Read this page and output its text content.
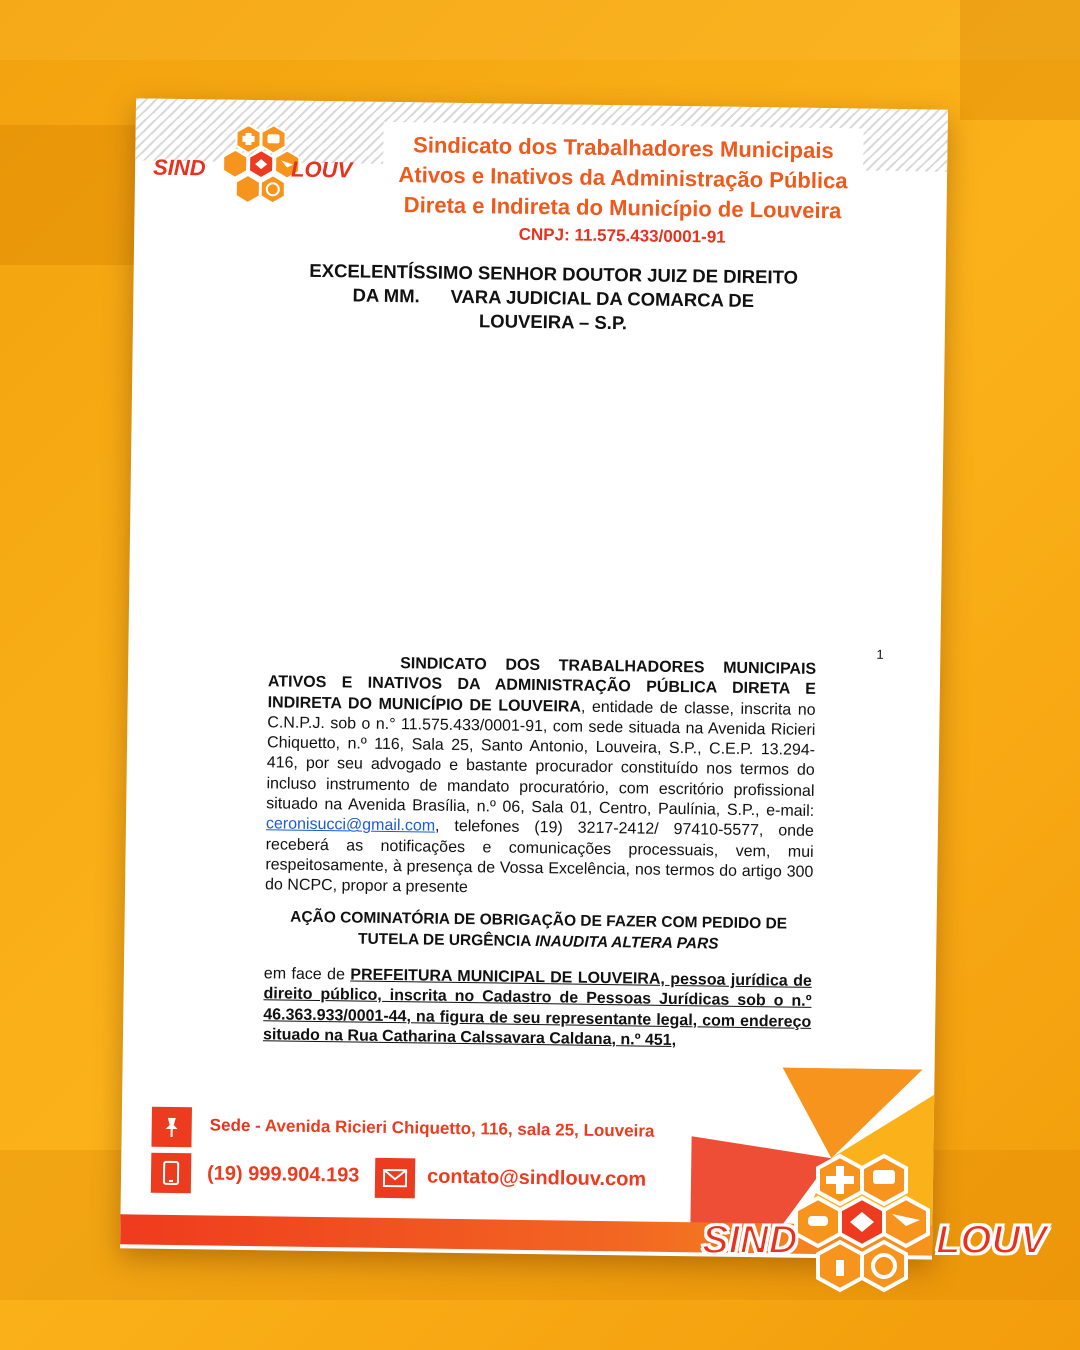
SIND	LOUV
Sindicato dos Trabalhadores Municipais
Ativos e Inativos da Administração Pública
Direta e Indireta do Município de Louveira
CNPJ: 11.575.433/0001-91
EXCELENTÍSSIMO SENHOR DOUTOR JUIZ DE DIREITO
DA MM.      VARA JUDICIAL DA COMARCA DE
LOUVEIRA – S.P.
1
SINDICATO DOS TRABALHADORES MUNICIPAIS ATIVOS E INATIVOS DA ADMINISTRAÇÃO PÚBLICA DIRETA E INDIRETA DO MUNICÍPIO DE LOUVEIRA, entidade de classe, inscrita no C.N.P.J. sob o n.° 11.575.433/0001-91, com sede situada na Avenida Ricieri Chiquetto, n.º 116, Sala 25, Santo Antonio, Louveira, S.P., C.E.P. 13.294-416, por seu advogado e bastante procurador constituído nos termos do incluso instrumento de mandato procuratório, com escritório profissional situado na Avenida Brasília, n.º 06, Sala 01, Centro, Paulínia, S.P., e-mail: ceronisucci@gmail.com, telefones (19) 3217-2412/ 97410-5577, onde receberá as notificações e comunicações processuais, vem, mui respeitosamente, à presença de Vossa Excelência, nos termos do artigo 300 do NCPC, propor a presente
AÇÃO COMINATÓRIA DE OBRIGAÇÃO DE FAZER COM PEDIDO DE
TUTELA DE URGÊNCIA INAUDITA ALTERA PARS
em face de PREFEITURA MUNICIPAL DE LOUVEIRA, pessoa jurídica de direito público, inscrita no Cadastro de Pessoas Jurídicas sob o n.º 46.363.933/0001-44, na figura de seu representante legal, com endereço situado na Rua Catharina Calssavara Caldana, n.º 451,
Sede - Avenida Ricieri Chiquetto, 116, sala 25, Louveira
(19) 999.904.193	contato@sindlouv.com
SIND	LOUV
